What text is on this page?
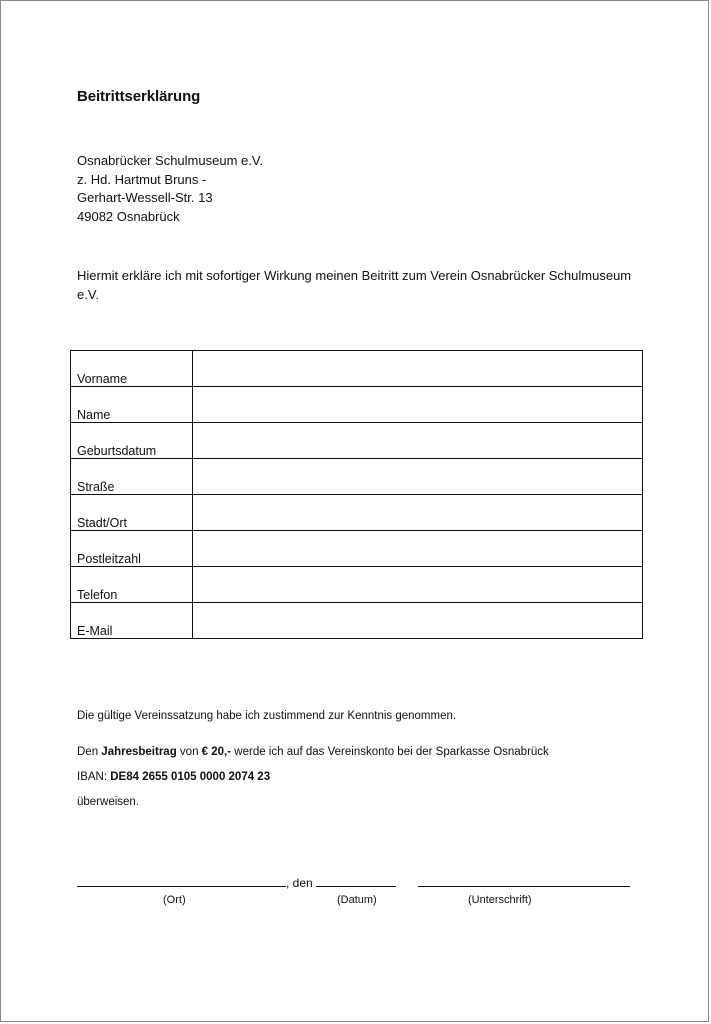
Beitrittserklärung
Osnabrücker Schulmuseum e.V.
z. Hd. Hartmut Bruns -
Gerhart-Wessell-Str. 13
49082 Osnabrück
Hiermit erkläre ich mit sofortiger Wirkung meinen Beitritt zum Verein Osnabrücker Schulmuseum e.V.
Vorname	

Name	

Geburtsdatum	

Straße	

Stadt/Ort	

Postleitzahl	

Telefon	

E-Mail	

Die gültige Vereinssatzung habe ich zustimmend zur Kenntnis genommen.
Den Jahresbeitrag von € 20,- werde ich auf das Vereinskonto bei der Sparkasse Osnabrück
IBAN: DE84 2655 0105 0000 2074 23
überweisen.
, den
(Ort)	(Datum)	(Unterschrift)
